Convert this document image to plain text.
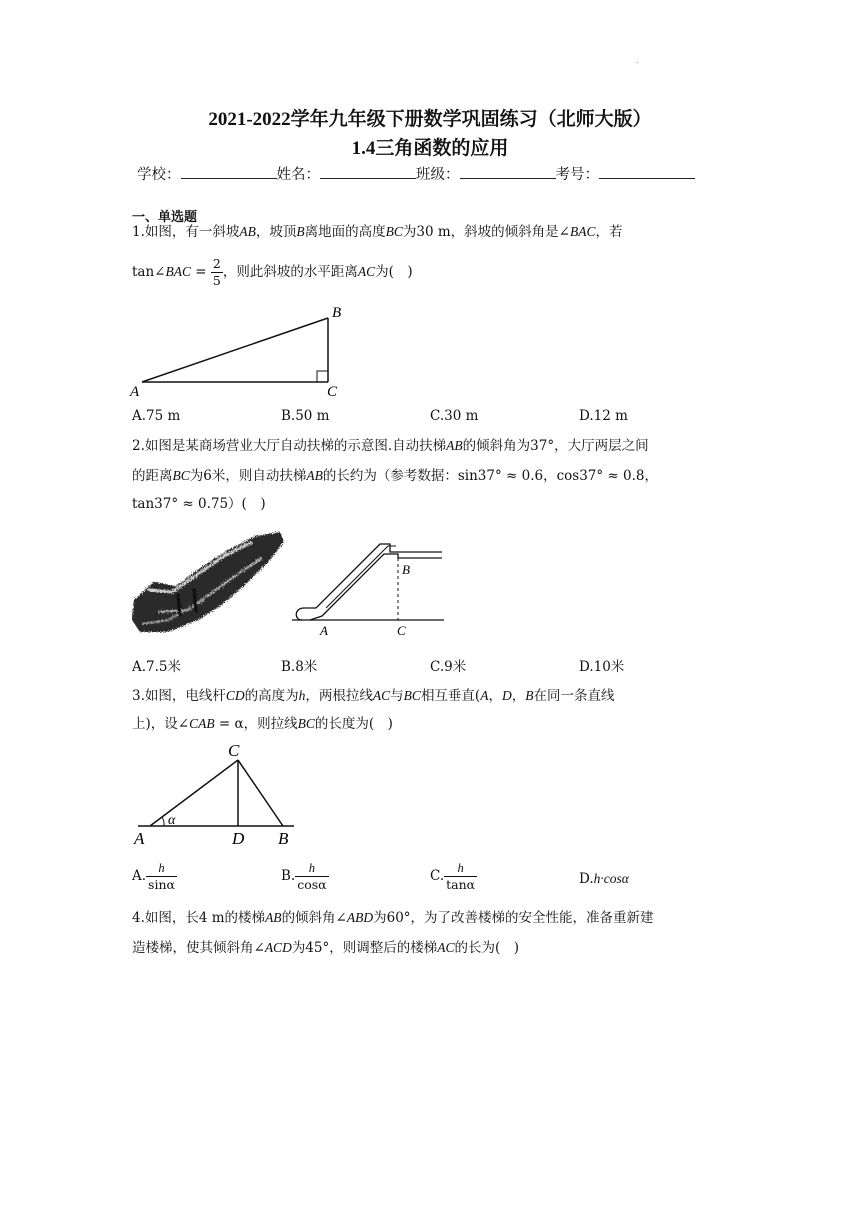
.
2021-2022学年九年级下册数学巩固练习（北师大版）
1.4三角函数的应用
学校：	姓名：	班级：	考号：
一、单选题
1.如图，有一斜坡AB，坡顶B离地面的高度BC为30 m，斜坡的倾斜角是∠BAC，若
tan∠BAC = $\frac{2}{5}$ ，则此斜坡的水平距离AC为(　)
A
B
C
A.75 m	B.50 m	C.30 m	D.12 m
2.如图是某商场营业大厅自动扶梯的示意图.自动扶梯AB的倾斜角为37°，大厅两层之间
的距离BC为6米，则自动扶梯AB的长约为（参考数据：sin37° ≈ 0.6，cos37° ≈ 0.8，
tan37° ≈ 0.75）(　)
A
B
C
A.7.5米	B.8米	C.9米	D.10米
3.如图，电线杆CD的高度为h，两根拉线AC与BC相互垂直(A，D，B在同一条直线
上)，设∠CAB = α，则拉线BC的长度为(　)
C
A	D B
α
A. $\frac{h}{\sin\alpha}$	B. $\frac{h}{\cos\alpha}$	C. $\frac{h}{\tan\alpha}$	D.h·cosα
4.如图，长4 m的楼梯AB的倾斜角∠ABD为60°，为了改善楼梯的安全性能，准备重新建
造楼梯，使其倾斜角∠ACD为45°，则调整后的楼梯AC的长为(　)
